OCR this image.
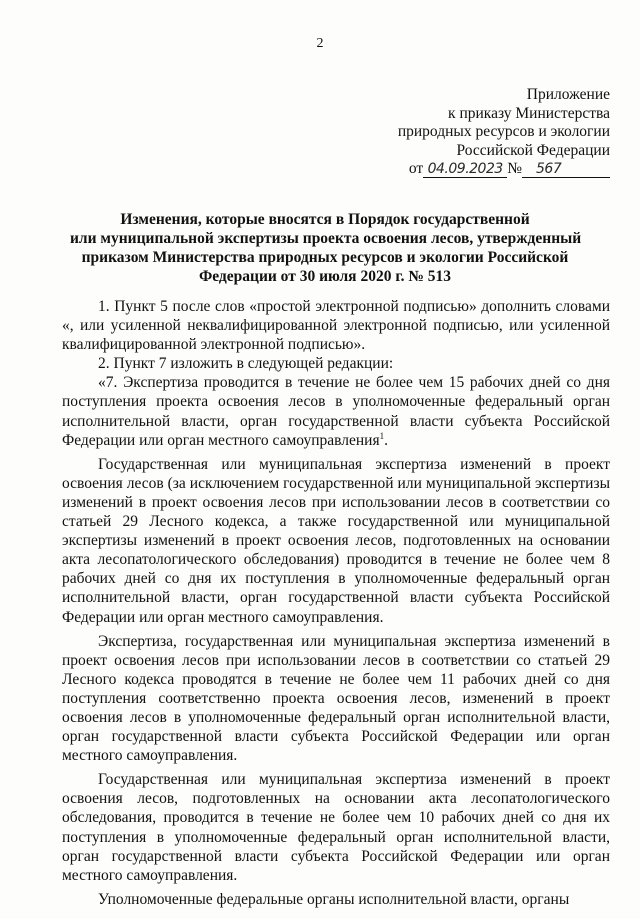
2
Приложение
к приказу Министерства
природных ресурсов и экологии
Российской Федерации
от 04.09.2023 № 567
Изменения, которые вносятся в Порядок государственной
или муниципальной экспертизы проекта освоения лесов, утвержденный
приказом Министерства природных ресурсов и экологии Российской
Федерации от 30 июля 2020 г. № 513

1. Пункт 5 после слов «простой электронной подписью» дополнить словами «, или усиленной неквалифицированной электронной подписью, или усиленной квалифицированной электронной подписью».

2. Пункт 7 изложить в следующей редакции:

«7. Экспертиза проводится в течение не более чем 15 рабочих дней со дня поступления проекта освоения лесов в уполномоченные федеральный орган исполнительной власти, орган государственной власти субъекта Российской Федерации или орган местного самоуправления$^1$.

Государственная или муниципальная экспертиза изменений в проект освоения лесов (за исключением государственной или муниципальной экспертизы изменений в проект освоения лесов при использовании лесов в соответствии со статьей 29 Лесного кодекса, а также государственной или муниципальной экспертизы изменений в проект освоения лесов, подготовленных на основании акта лесопатологического обследования) проводится в течение не более чем 8 рабочих дней со дня их поступления в уполномоченные федеральный орган исполнительной власти, орган государственной власти субъекта Российской Федерации или орган местного самоуправления.

Экспертиза, государственная или муниципальная экспертиза изменений в проект освоения лесов при использовании лесов в соответствии со статьей 29 Лесного кодекса проводятся в течение не более чем 11 рабочих дней со дня поступления соответственно проекта освоения лесов, изменений в проект освоения лесов в уполномоченные федеральный орган исполнительной власти, орган государственной власти субъекта Российской Федерации или орган местного самоуправления.

Государственная или муниципальная экспертиза изменений в проект освоения лесов, подготовленных на основании акта лесопатологического обследования, проводится в течение не более чем 10 рабочих дней со дня их поступления в уполномоченные федеральный орган исполнительной власти, орган государственной власти субъекта Российской Федерации или орган местного самоуправления.

Уполномоченные федеральные органы исполнительной власти, органы
